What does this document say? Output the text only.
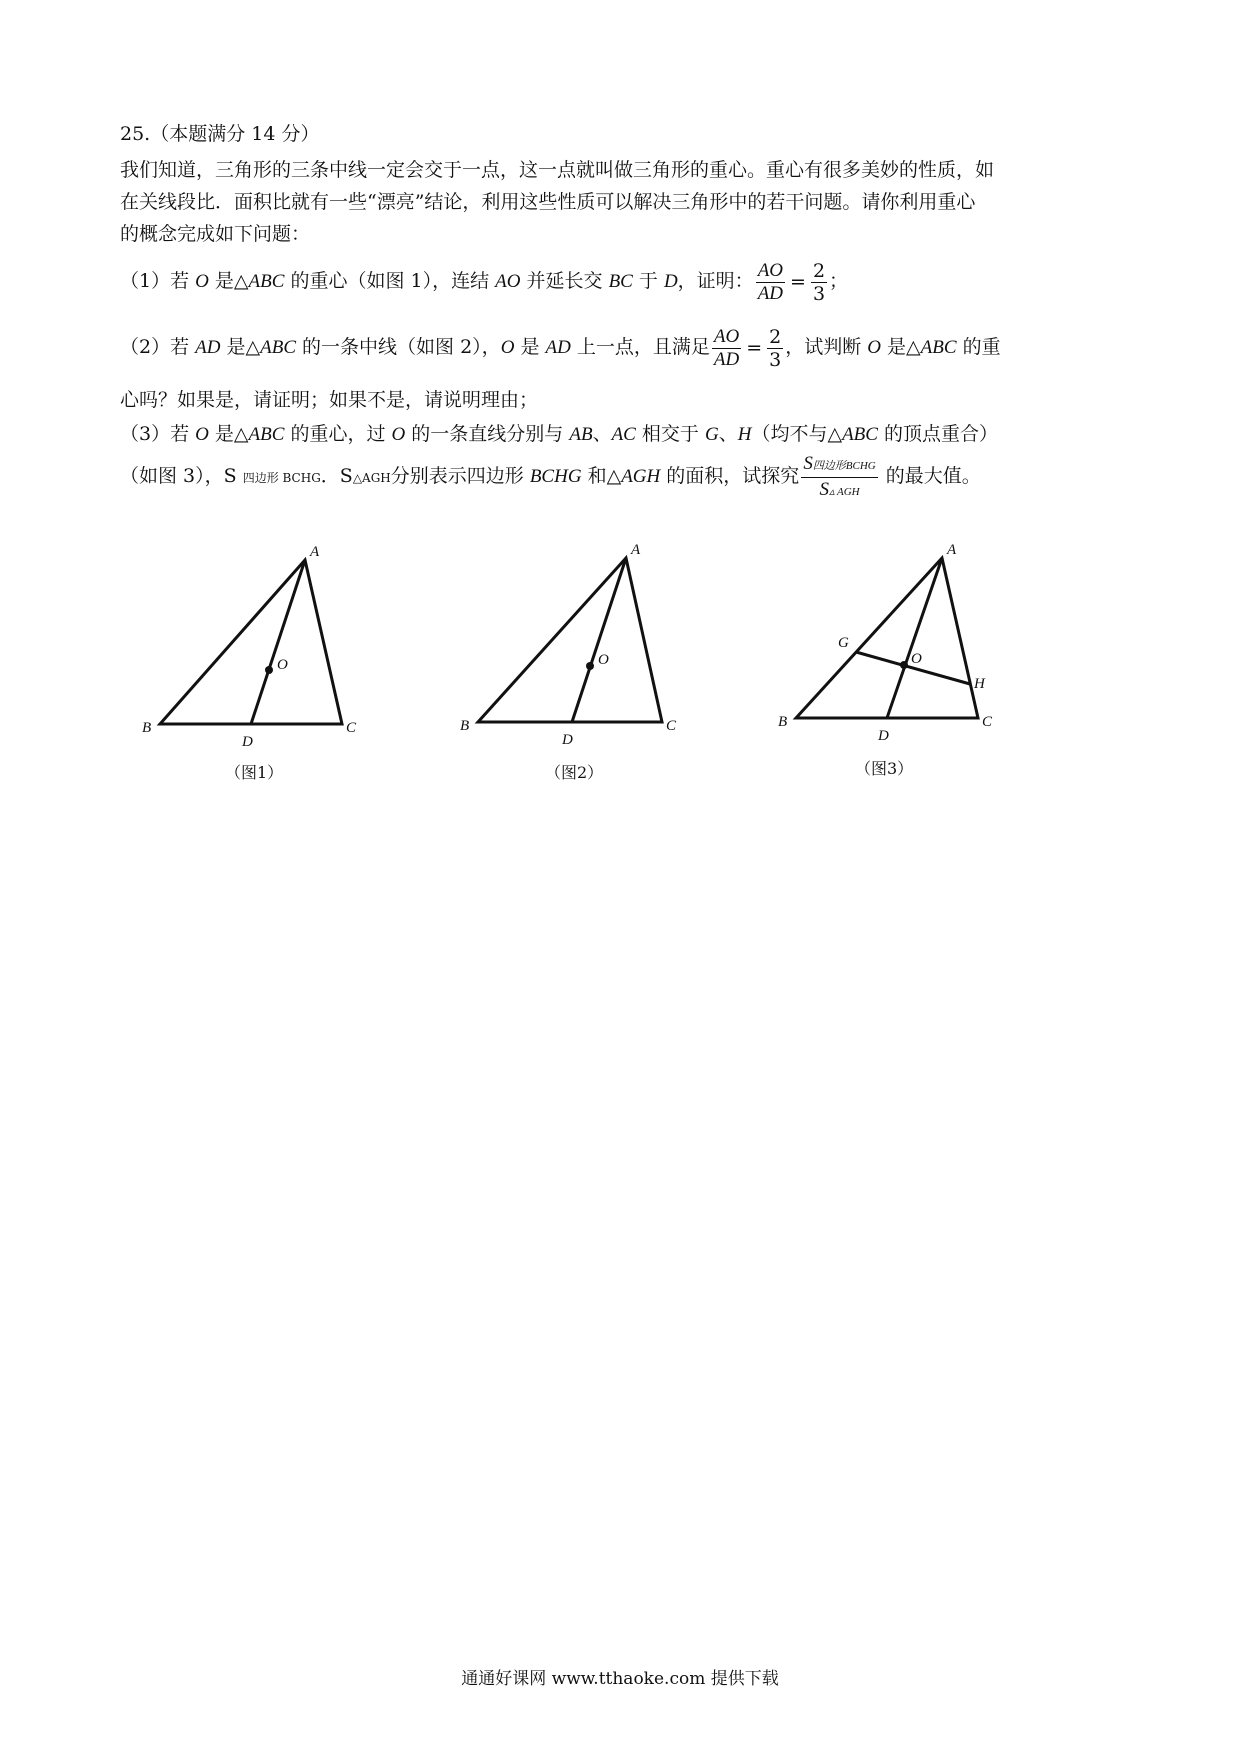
25.（本题满分 14 分）
我们知道，三角形的三条中线一定会交于一点，这一点就叫做三角形的重心。重心有很多美妙的性质，如
在关线段比．面积比就有一些“漂亮”结论，利用这些性质可以解决三角形中的若干问题。请你利用重心
的概念完成如下问题：
（1）若 O 是△ABC 的重心（如图 1），连结 AO 并延长交 BC 于 D，证明： $\frac{AO}{AD} = \frac{2}{3}$ ；
（2）若 AD 是△ABC 的一条中线（如图 2），O 是 AD 上一点，且满足 $\frac{AO}{AD} = \frac{2}{3}$ ，试判断 O 是△ABC 的重
心吗？如果是，请证明；如果不是，请说明理由；
（3）若 O 是△ABC 的重心，过 O 的一条直线分别与 AB、AC 相交于 G、H（均不与△ABC 的顶点重合）
（如图 3），S 四边形 BCHG．S△AGH分别表示四边形 BCHG 和△AGH 的面积，试探究 $\frac{\text{S四边形BCHG}}{\text{S▵ AGH}}$ 的最大值。
A
B	C
D
O
（图1）
A
B	C
D
O
（图2）
A
B	C
D
O
G
H
（图3）
通通好课网 www.tthaoke.com 提供下载
